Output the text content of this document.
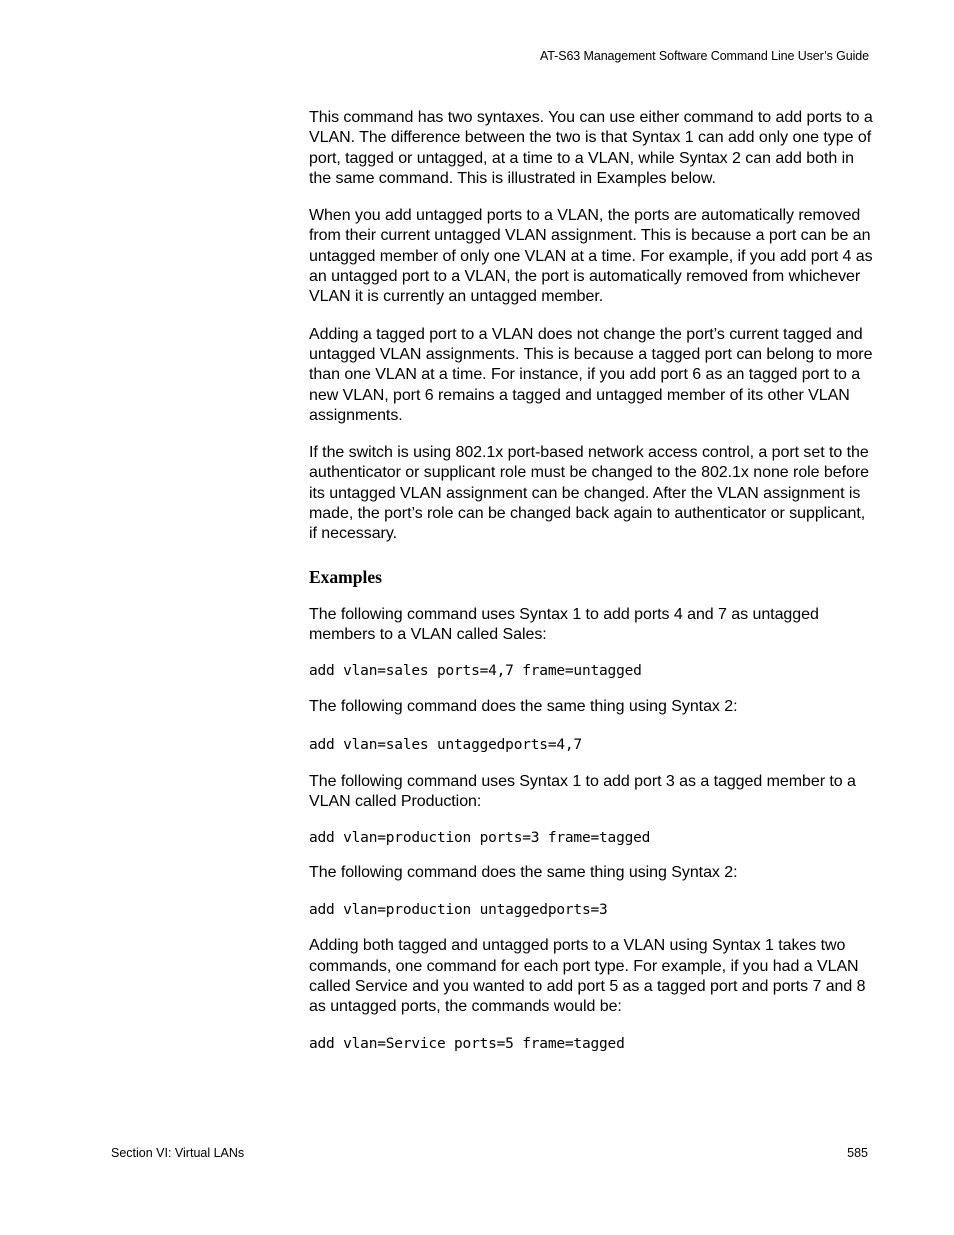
AT-S63 Management Software Command Line User’s Guide

This command has two syntaxes. You can use either command to add ports to a VLAN. The difference between the two is that Syntax 1 can add only one type of port, tagged or untagged, at a time to a VLAN, while Syntax 2 can add both in the same command. This is illustrated in Examples below.

When you add untagged ports to a VLAN, the ports are automatically removed from their current untagged VLAN assignment. This is because a port can be an untagged member of only one VLAN at a time. For example, if you add port 4 as an untagged port to a VLAN, the port is automatically removed from whichever VLAN it is currently an untagged member.

Adding a tagged port to a VLAN does not change the port’s current tagged and untagged VLAN assignments. This is because a tagged port can belong to more than one VLAN at a time. For instance, if you add port 6 as an tagged port to a new VLAN, port 6 remains a tagged and untagged member of its other VLAN assignments.

If the switch is using 802.1x port-based network access control, a port set to the authenticator or supplicant role must be changed to the 802.1x none role before its untagged VLAN assignment can be changed. After the VLAN assignment is made, the port’s role can be changed back again to authenticator or supplicant, if necessary.

Examples

The following command uses Syntax 1 to add ports 4 and 7 as untagged members to a VLAN called Sales:

add vlan=sales ports=4,7 frame=untagged

The following command does the same thing using Syntax 2:

add vlan=sales untaggedports=4,7

The following command uses Syntax 1 to add port 3 as a tagged member to a VLAN called Production:

add vlan=production ports=3 frame=tagged

The following command does the same thing using Syntax 2:

add vlan=production untaggedports=3

Adding both tagged and untagged ports to a VLAN using Syntax 1 takes two commands, one command for each port type. For example, if you had a VLAN called Service and you wanted to add port 5 as a tagged port and ports 7 and 8 as untagged ports, the commands would be:

add vlan=Service ports=5 frame=tagged
Section VI: Virtual LANs	585
